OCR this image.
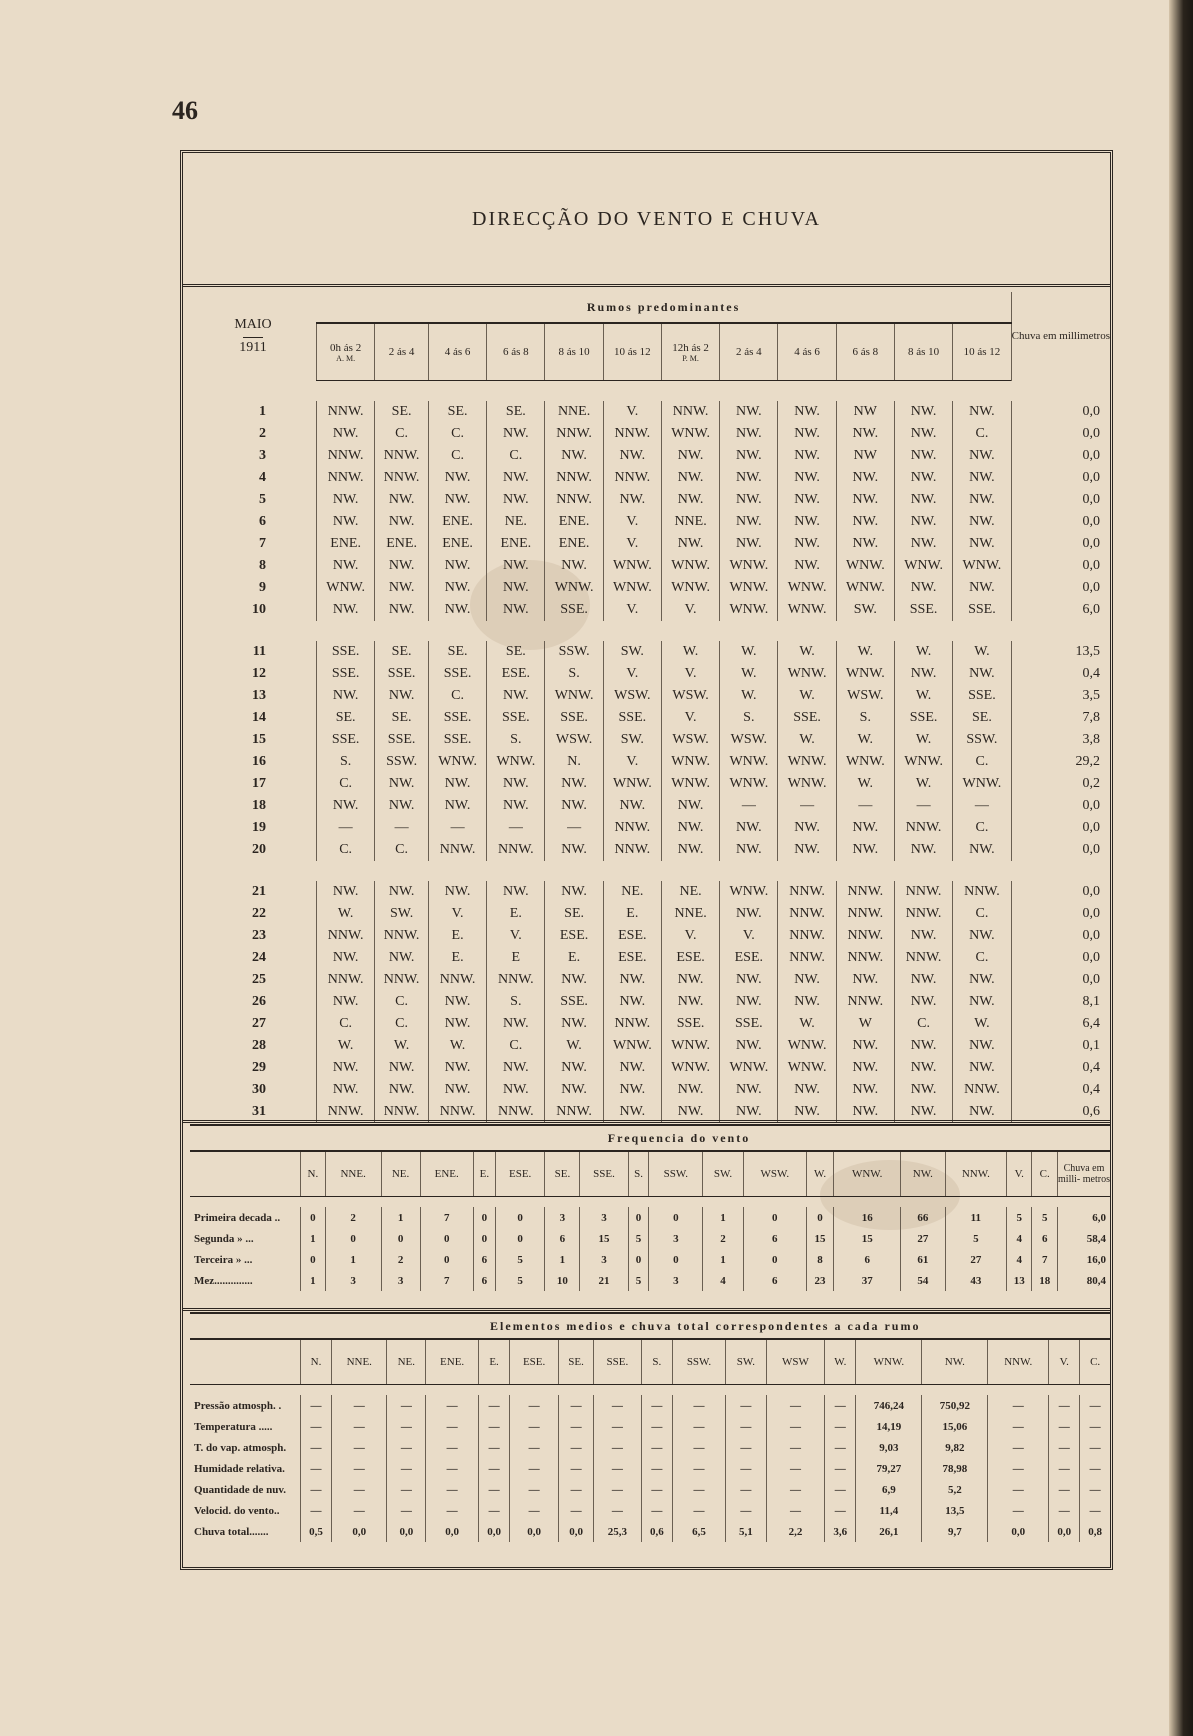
46
DIRECÇÃO DO VENTO E CHUVA
MAIO
1911	Rumos predominantes												Chuva em millimetros
	0h ás 2
A. M.	2 ás 4	4 ás 6	6 ás 8	8 ás 10	10 ás 12	12h ás 2
P. M.	2 ás 4	4 ás 6	6 ás 8	8 ás 10	10 ás 12	

1	NNW.	SE.	SE.	SE.	NNE.	V.	NNW.	NW.	NW.	NW	NW.	NW.	0,0
2	NW.	C.	C.	NW.	NNW.	NNW.	WNW.	NW.	NW.	NW.	NW.	C.	0,0
3	NNW.	NNW.	C.	C.	NW.	NW.	NW.	NW.	NW.	NW	NW.	NW.	0,0
4	NNW.	NNW.	NW.	NW.	NNW.	NNW.	NW.	NW.	NW.	NW.	NW.	NW.	0,0
5	NW.	NW.	NW.	NW.	NNW.	NW.	NW.	NW.	NW.	NW.	NW.	NW.	0,0
6	NW.	NW.	ENE.	NE.	ENE.	V.	NNE.	NW.	NW.	NW.	NW.	NW.	0,0
7	ENE.	ENE.	ENE.	ENE.	ENE.	V.	NW.	NW.	NW.	NW.	NW.	NW.	0,0
8	NW.	NW.	NW.	NW.	NW.	WNW.	WNW.	WNW.	NW.	WNW.	WNW.	WNW.	0,0
9	WNW.	NW.	NW.	NW.	WNW.	WNW.	WNW.	WNW.	WNW.	WNW.	NW.	NW.	0,0
10	NW.	NW.	NW.	NW.	SSE.	V.	V.	WNW.	WNW.	SW.	SSE.	SSE.	6,0

11	SSE.	SE.	SE.	SE.	SSW.	SW.	W.	W.	W.	W.	W.	W.	13,5
12	SSE.	SSE.	SSE.	ESE.	S.	V.	V.	W.	WNW.	WNW.	NW.	NW.	0,4
13	NW.	NW.	C.	NW.	WNW.	WSW.	WSW.	W.	W.	WSW.	W.	SSE.	3,5
14	SE.	SE.	SSE.	SSE.	SSE.	SSE.	V.	S.	SSE.	S.	SSE.	SE.	7,8
15	SSE.	SSE.	SSE.	S.	WSW.	SW.	WSW.	WSW.	W.	W.	W.	SSW.	3,8
16	S.	SSW.	WNW.	WNW.	N.	V.	WNW.	WNW.	WNW.	WNW.	WNW.	C.	29,2
17	C.	NW.	NW.	NW.	NW.	WNW.	WNW.	WNW.	WNW.	W.	W.	WNW.	0,2
18	NW.	NW.	NW.	NW.	NW.	NW.	NW.	—	—	—	—	—	0,0
19	—	—	—	—	—	NNW.	NW.	NW.	NW.	NW.	NNW.	C.	0,0
20	C.	C.	NNW.	NNW.	NW.	NNW.	NW.	NW.	NW.	NW.	NW.	NW.	0,0

21	NW.	NW.	NW.	NW.	NW.	NE.	NE.	WNW.	NNW.	NNW.	NNW.	NNW.	0,0
22	W.	SW.	V.	E.	SE.	E.	NNE.	NW.	NNW.	NNW.	NNW.	C.	0,0
23	NNW.	NNW.	E.	V.	ESE.	ESE.	V.	V.	NNW.	NNW.	NW.	NW.	0,0
24	NW.	NW.	E.	E	E.	ESE.	ESE.	ESE.	NNW.	NNW.	NNW.	C.	0,0
25	NNW.	NNW.	NNW.	NNW.	NW.	NW.	NW.	NW.	NW.	NW.	NW.	NW.	0,0
26	NW.	C.	NW.	S.	SSE.	NW.	NW.	NW.	NW.	NNW.	NW.	NW.	8,1
27	C.	C.	NW.	NW.	NW.	NNW.	SSE.	SSE.	W.	W	C.	W.	6,4
28	W.	W.	W.	C.	W.	WNW.	WNW.	NW.	WNW.	NW.	NW.	NW.	0,1
29	NW.	NW.	NW.	NW.	NW.	NW.	WNW.	WNW.	WNW.	NW.	NW.	NW.	0,4
30	NW.	NW.	NW.	NW.	NW.	NW.	NW.	NW.	NW.	NW.	NW.	NNW.	0,4
31	NNW.	NNW.	NNW.	NNW.	NNW.	NW.	NW.	NW.	NW.	NW.	NW.	NW.	0,6
	Frequencia do vento																		
	N.	NNE.	NE.	ENE.	E.	ESE.	SE.	SSE.	S.	SSW.	SW.	WSW.	W.	WNW.	NW.	NNW.	V.	C.	Chuva em milli- metros

Primeira decada ..	0	2	1	7	0	0	3	3	0	0	1	0	0	16	66	11	5	5	6,0
Segunda » ...	1	0	0	0	0	0	6	15	5	3	2	6	15	15	27	5	4	6	58,4
Terceira » ...	0	1	2	0	6	5	1	3	0	0	1	0	8	6	61	27	4	7	16,0
Mez..............	1	3	3	7	6	5	10	21	5	3	4	6	23	37	54	43	13	18	80,4
	Elementos medios e chuva total correspondentes a cada rumo																	
	N.	NNE.	NE.	ENE.	E.	ESE.	SE.	SSE.	S.	SSW.	SW.	WSW	W.	WNW.	NW.	NNW.	V.	C.

Pressão atmosph. .	—	—	—	—	—	—	—	—	—	—	—	—	—	746,24	750,92	—	—	—
Temperatura .....	—	—	—	—	—	—	—	—	—	—	—	—	—	14,19	15,06	—	—	—
T. do vap. atmosph.	—	—	—	—	—	—	—	—	—	—	—	—	—	9,03	9,82	—	—	—
Humidade relativa.	—	—	—	—	—	—	—	—	—	—	—	—	—	79,27	78,98	—	—	—
Quantidade de nuv.	—	—	—	—	—	—	—	—	—	—	—	—	—	6,9	5,2	—	—	—
Velocid. do vento..	—	—	—	—	—	—	—	—	—	—	—	—	—	11,4	13,5	—	—	—
Chuva total.......	0,5	0,0	0,0	0,0	0,0	0,0	0,0	25,3	0,6	6,5	5,1	2,2	3,6	26,1	9,7	0,0	0,0	0,8
